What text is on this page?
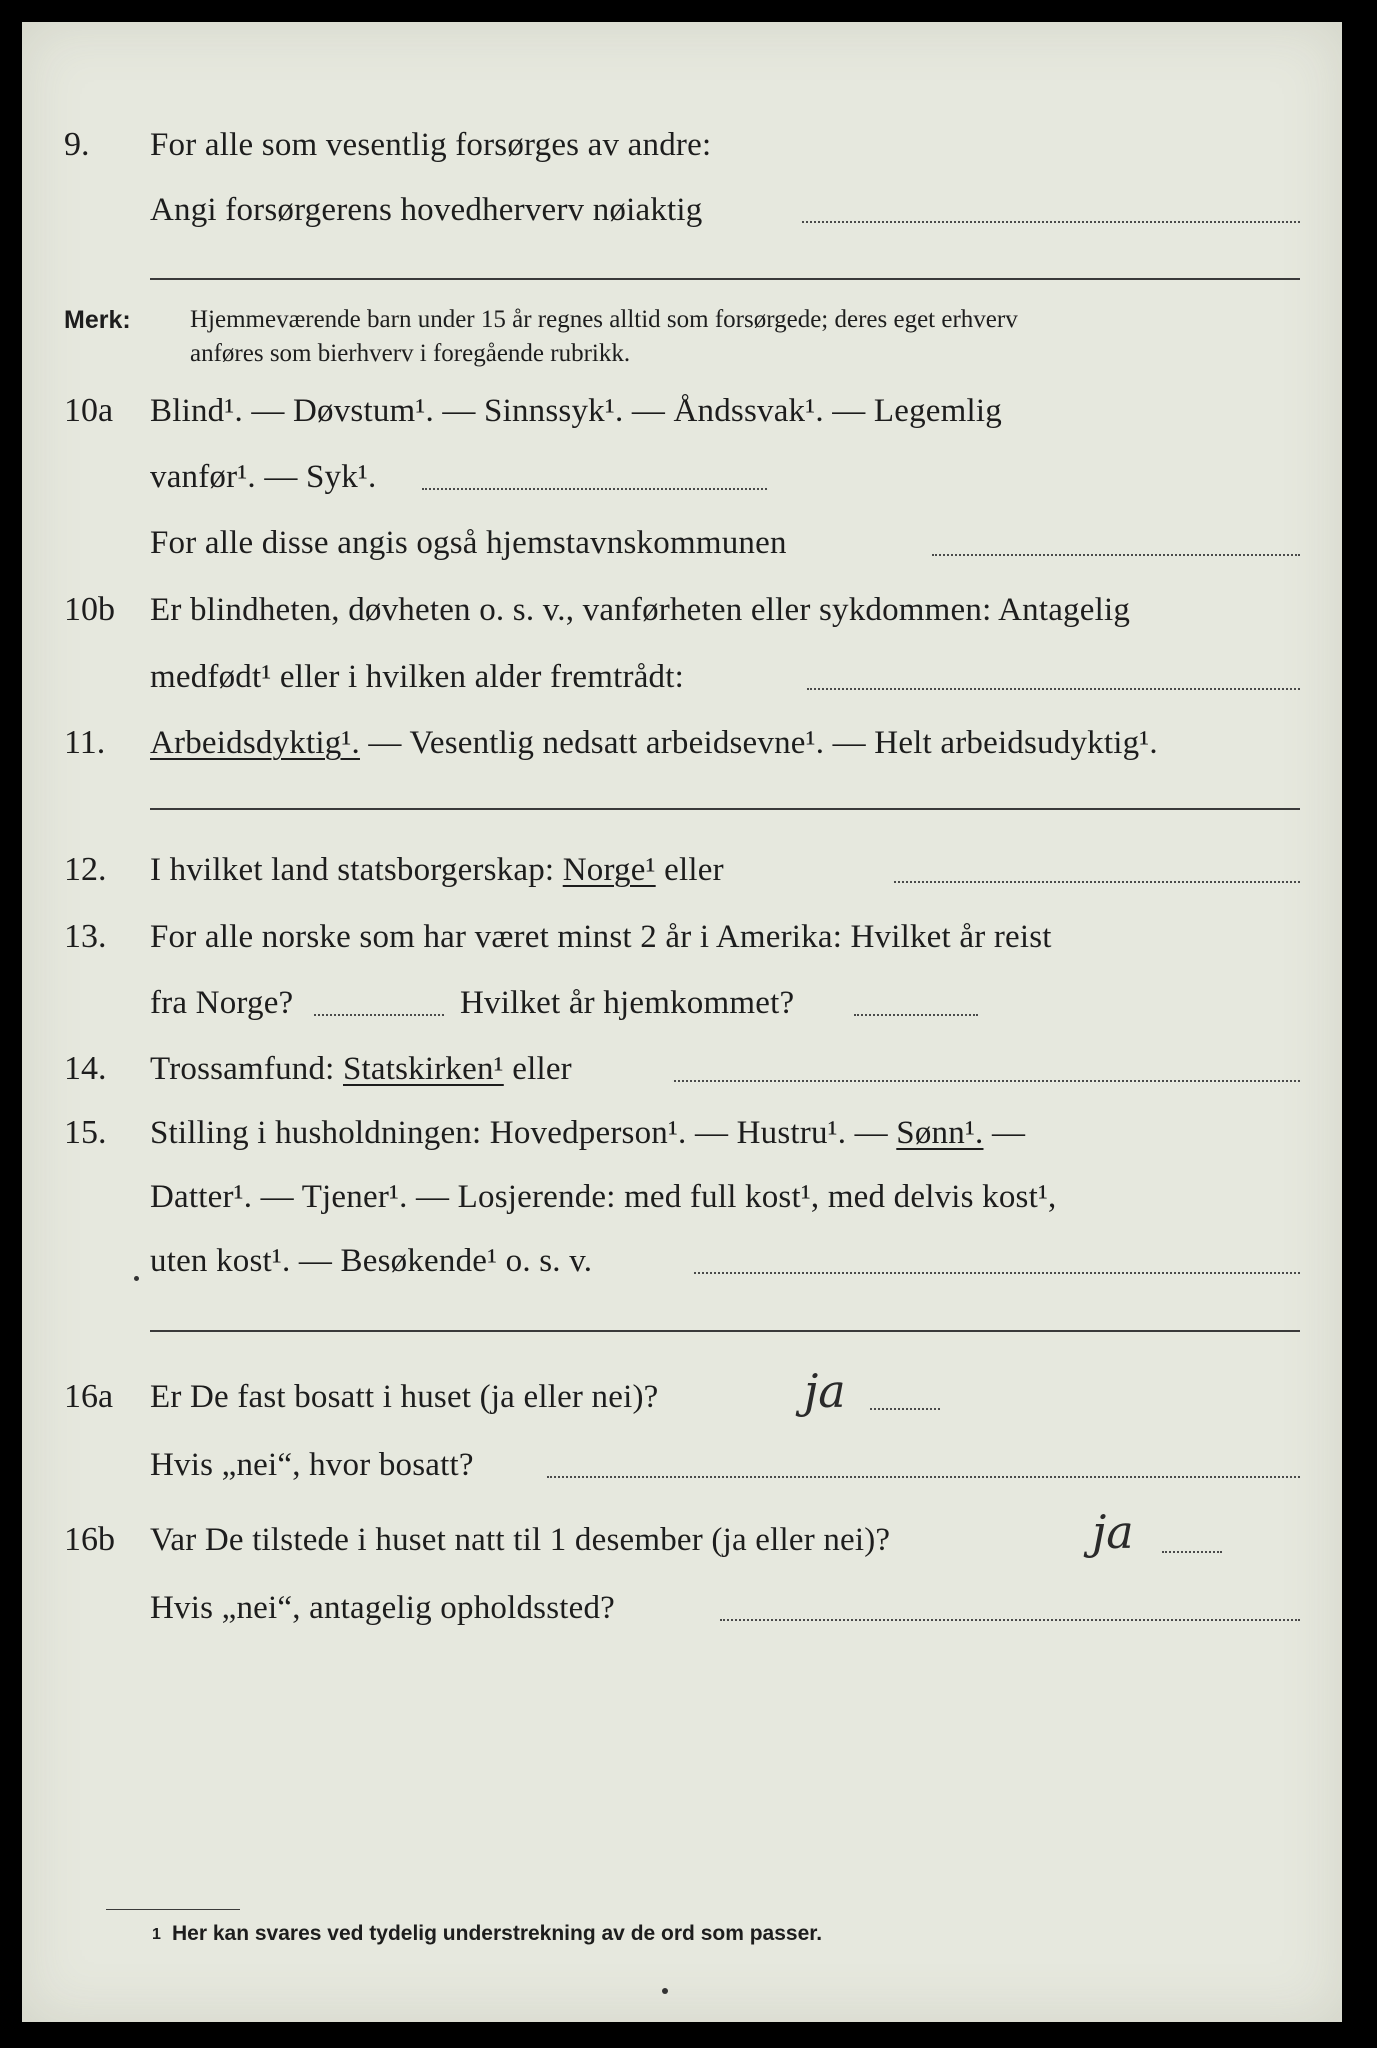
9. For alle som vesentlig forsørges av andre:
Angi forsørgerens hovedherverv nøiaktig
Merk: Hjemmeværende barn under 15 år regnes alltid som forsørgede; deres eget erhverv
anføres som bierhverv i foregående rubrikk.
10a Blind¹. — Døvstum¹. — Sinnssyk¹. — Åndssvak¹. — Legemlig
vanfør¹. — Syk¹.
For alle disse angis også hjemstavnskommunen
10b Er blindheten, døvheten o. s. v., vanførheten eller sykdommen: Antagelig
medfødt¹ eller i hvilken alder fremtrådt:
11. Arbeidsdyktig¹. — Vesentlig nedsatt arbeidsevne¹. — Helt arbeidsudyktig¹.
12. I hvilket land statsborgerskap: Norge¹ eller
13. For alle norske som har været minst 2 år i Amerika: Hvilket år reist
fra Norge?	Hvilket år hjemkommet?
14. Trossamfund: Statskirken¹ eller
15. Stilling i husholdningen: Hovedperson¹. — Hustru¹. — Sønn¹. —
Datter¹. — Tjener¹. — Losjerende: med full kost¹, med delvis kost¹,
uten kost¹. — Besøkende¹ o. s. v.
16a Er De fast bosatt i huset (ja eller nei)?	ja
Hvis „nei“, hvor bosatt?
16b Var De tilstede i huset natt til 1 desember (ja eller nei)?	ja
Hvis „nei“, antagelig opholdssted?
1 Her kan svares ved tydelig understrekning av de ord som passer.
